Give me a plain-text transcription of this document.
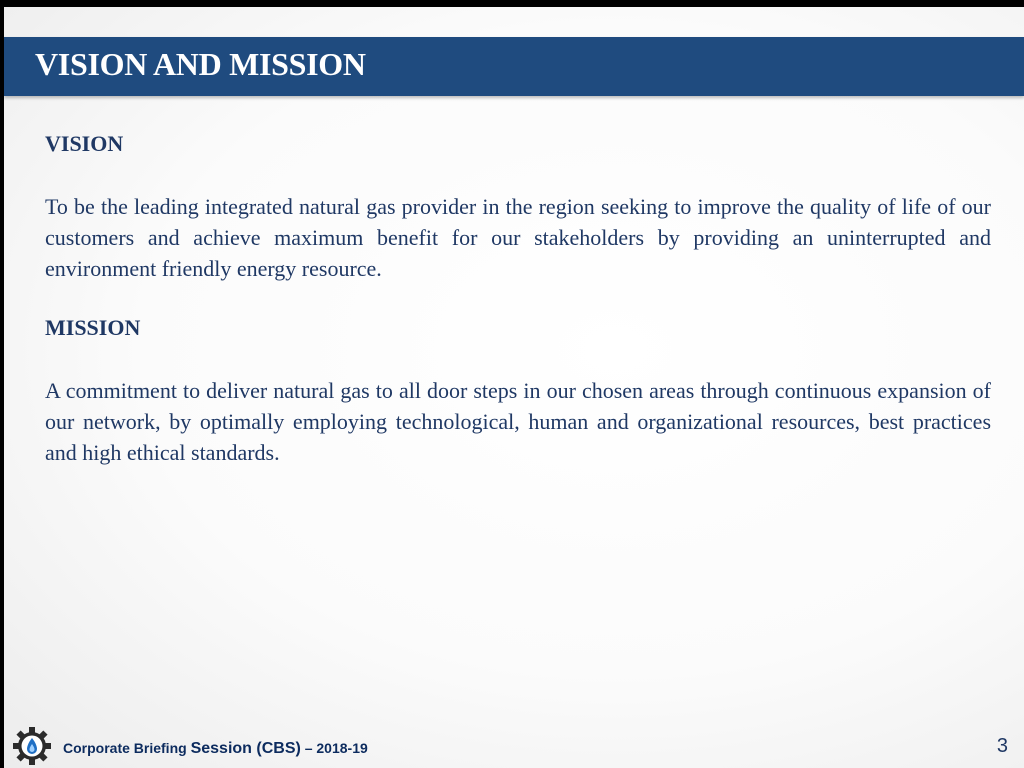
VISION AND MISSION
VISION
To be the leading integrated natural gas provider in the region seeking to improve the quality of life of our customers and achieve maximum benefit for our stakeholders by providing an uninterrupted and environment friendly energy resource.
MISSION
A commitment to deliver natural gas to all door steps in our chosen areas through continuous expansion of our network, by optimally employing technological, human and organizational resources, best practices and high ethical standards.
Corporate Briefing Session (CBS) – 2018-19	3
